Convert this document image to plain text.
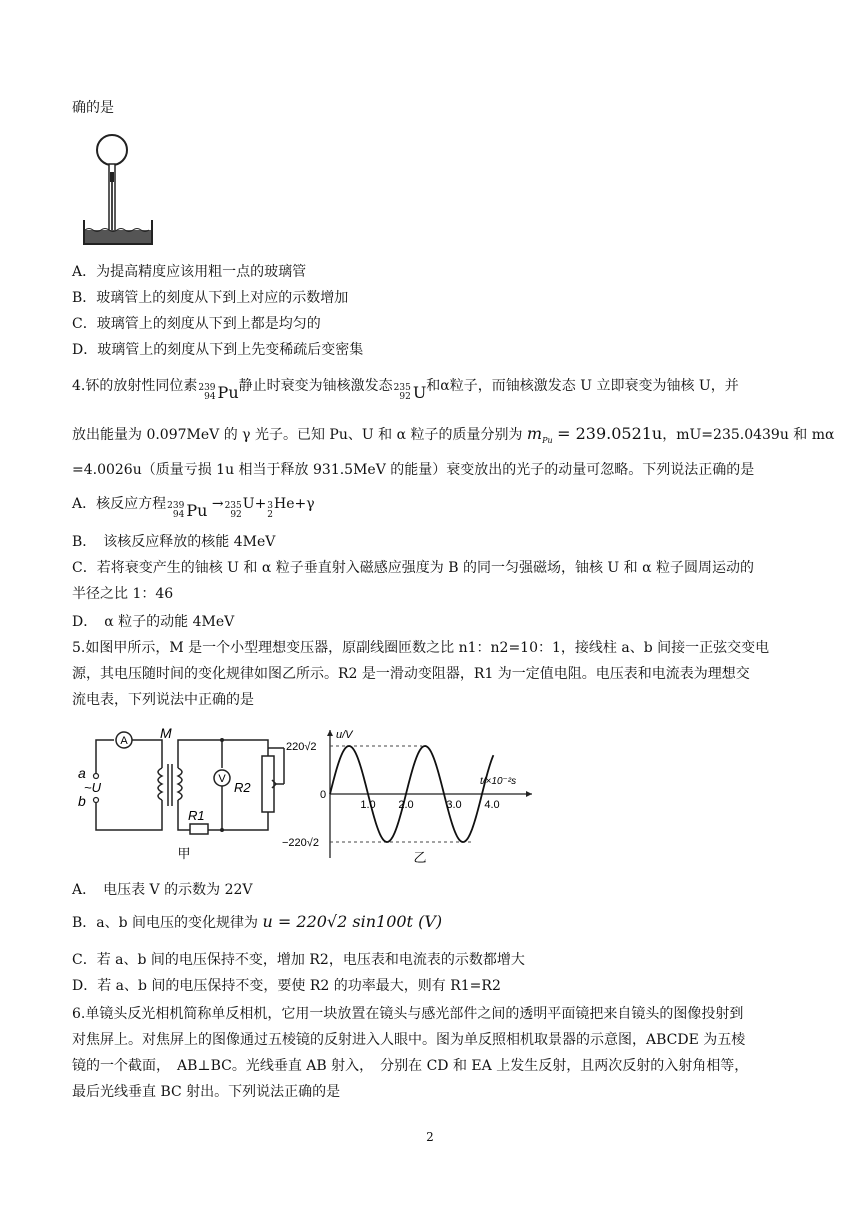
确的是
A．为提高精度应该用粗一点的玻璃管
B．玻璃管上的刻度从下到上对应的示数增加
C．玻璃管上的刻度从下到上都是均匀的
D．玻璃管上的刻度从下到上先变稀疏后变密集
4.钚的放射性同位素 239
94 Pu 静止时衰变为铀核激发态 235
92 U 和α粒子，而铀核激发态 U 立即衰变为铀核 U，并
放出能量为 0.097MeV 的 γ 光子。已知 Pu、U 和 α 粒子的质量分别为 $m_{Pu} = 239.0521u$，mU=235.0439u 和 mα
=4.0026u（质量亏损 1u 相当于释放 931.5MeV 的能量）衰变放出的光子的动量可忽略。下列说法正确的是
A．核反应方程 239
94 Pu → 235
92
U+ 3
2
He+γ
B．　该核反应释放的核能 4MeV
C．若将衰变产生的铀核 U 和 α 粒子垂直射入磁感应强度为 B 的同一匀强磁场，铀核 U 和 α 粒子圆周运动的
半径之比 1：46
D．　α 粒子的动能 4MeV
5.如图甲所示，M 是一个小型理想变压器，原副线圈匝数之比 n1：n2=10：1，接线柱 a、b 间接一正弦交变电
源，其电压随时间的变化规律如图乙所示。R2 是一滑动变阻器，R1 为一定值电阻。电压表和电流表为理想交
流电表，下列说法中正确的是
A
V
M
a
b
~U
R1
R2
甲
220√2
0
−220√2
u/V
t/×10⁻²s
1.0 2.0	3.0 4.0
乙
A．　电压表 V 的示数为 22V
B．a、b 间电压的变化规律为 u = 220√2 sin100t (V)
C．若 a、b 间的电压保持不变，增加 R2，电压表和电流表的示数都增大
D．若 a、b 间的电压保持不变，要使 R2 的功率最大，则有 R1=R2
6.单镜头反光相机简称单反相机，它用一块放置在镜头与感光部件之间的透明平面镜把来自镜头的图像投射到
对焦屏上。对焦屏上的图像通过五棱镜的反射进入人眼中。图为单反照相机取景器的示意图，ABCDE 为五棱
镜的一个截面，　AB⊥BC。光线垂直 AB 射入，　分别在 CD 和 EA 上发生反射，且两次反射的入射角相等，
最后光线垂直 BC 射出。下列说法正确的是
2
